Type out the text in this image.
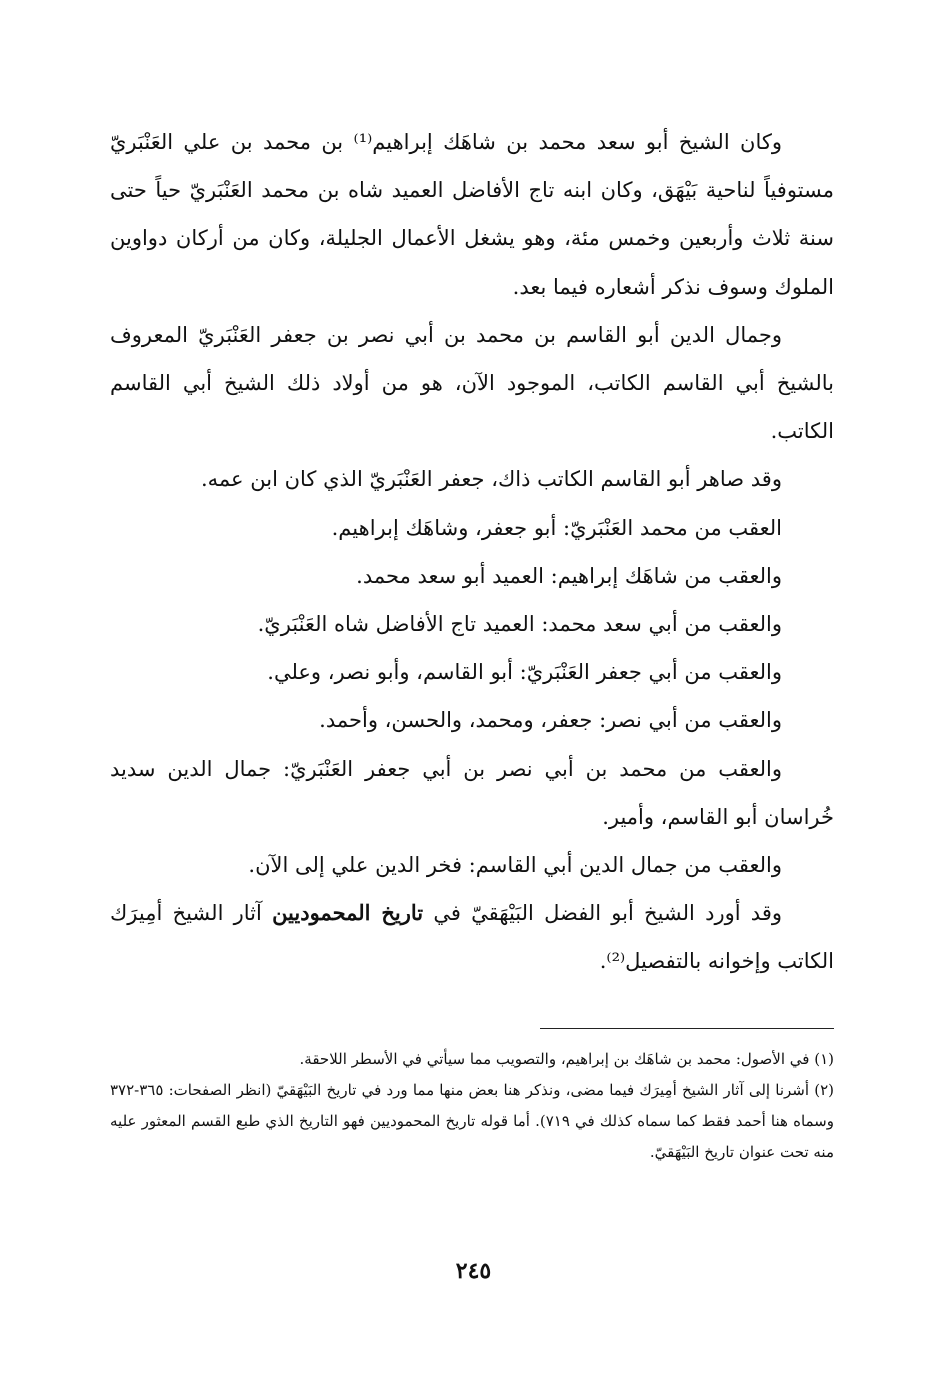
وكان الشيخ أبو سعد محمد بن شاهَك إبراهيم⁽¹⁾ بن محمد بن علي العَنْبَريّ مستوفياً لناحية بَيْهَق، وكان ابنه تاج الأفاضل العميد شاه بن محمد العَنْبَريّ حياً حتى سنة ثلاث وأربعين وخمس مئة، وهو يشغل الأعمال الجليلة، وكان من أركان دواوين الملوك وسوف نذكر أشعاره فيما بعد.

وجمال الدين أبو القاسم بن محمد بن أبي نصر بن جعفر العَنْبَريّ المعروف بالشيخ أبي القاسم الكاتب، الموجود الآن، هو من أولاد ذلك الشيخ أبي القاسم الكاتب.

وقد صاهر أبو القاسم الكاتب ذاك، جعفر العَنْبَريّ الذي كان ابن عمه.

العقب من محمد العَنْبَريّ: أبو جعفر، وشاهَك إبراهيم.

والعقب من شاهَك إبراهيم: العميد أبو سعد محمد.

والعقب من أبي سعد محمد: العميد تاج الأفاضل شاه العَنْبَريّ.

والعقب من أبي جعفر العَنْبَريّ: أبو القاسم، وأبو نصر، وعلي.

والعقب من أبي نصر: جعفر، ومحمد، والحسن، وأحمد.

والعقب من محمد بن أبي نصر بن أبي جعفر العَنْبَريّ: جمال الدين سديد خُراسان أبو القاسم، وأمير.

والعقب من جمال الدين أبي القاسم: فخر الدين علي إلى الآن.

وقد أورد الشيخ أبو الفضل البَيْهَقيّ في تاريخ المحموديين آثار الشيخ أمِيرَك الكاتب وإخوانه بالتفصيل⁽²⁾.

(١) في الأصول: محمد بن شاهَك بن إبراهيم، والتصويب مما سيأتي في الأسطر اللاحقة.

(٢) أشرنا إلى آثار الشيخ أمِيرَك فيما مضى، ونذكر هنا بعض منها مما ورد في تاريخ البَيْهَقيّ (انظر الصفحات: ٣٦٥-٣٧٢ وسماه هنا أحمد فقط كما سماه كذلك في ٧١٩). أما قوله تاريخ المحموديين فهو التاريخ الذي طبع القسم المعثور عليه منه تحت عنوان تاريخ البَيْهَقيّ.

٢٤٥
